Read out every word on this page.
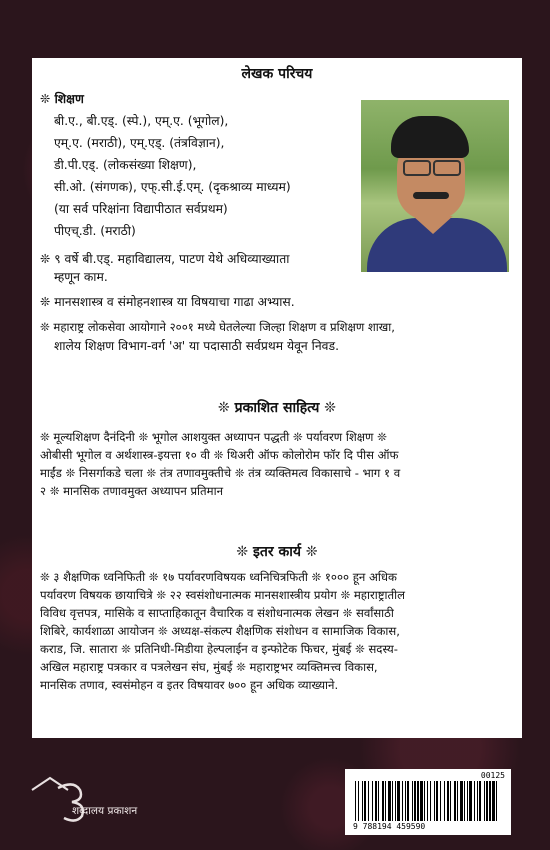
लेखक परिचय
❊ शिक्षण
बी.ए., बी.एड्. (स्पे.), एम्.ए. (भूगोल),
एम्.ए. (मराठी), एम्.एड्. (तंत्रविज्ञान),
डी.पी.एड्. (लोकसंख्या शिक्षण),
सी.ओ. (संगणक), एफ्.सी.ई.एम्. (दृकश्राव्य माध्यम)
(या सर्व परिक्षांना विद्यापीठात सर्वप्रथम)
पीएच्.डी. (मराठी)
❊ ९ वर्षे बी.एड्. महाविद्यालय, पाटण येथे अधिव्याख्याता
म्हणून काम.
❊ मानसशास्त्र व संमोहनशास्त्र या विषयाचा गाढा अभ्यास.
❊ महाराष्ट्र लोकसेवा आयोगाने २००१ मध्ये घेतलेल्या जिल्हा शिक्षण व प्रशिक्षण शाखा,
शालेय शिक्षण विभाग-वर्ग 'अ' या पदासाठी सर्वप्रथम येवून निवड.
❊ प्रकाशित साहित्य ❊
❊ मूल्यशिक्षण दैनंदिनी ❊ भूगोल आशयुक्त अध्यापन पद्धती ❊ पर्यावरण शिक्षण ❊
ओबीसी भूगोल व अर्थशास्त्र-इयत्ता १० वी ❊ थिअरी ऑफ कोलोरोम फॉर दि पीस ऑफ
माईंड ❊ निसर्गाकडे चला ❊ तंत्र तणावमुक्तीचे ❊ तंत्र व्यक्तिमत्व विकासाचे - भाग १ व
२ ❊ मानसिक तणावमुक्त अध्यापन प्रतिमान
❊ इतर कार्य ❊
❊ ३ शैक्षणिक ध्वनिफिती ❊ १७ पर्यावरणविषयक ध्वनिचित्रफिती ❊ १००० हून अधिक
पर्यावरण विषयक छायाचित्रे ❊ २२ स्वसंशोधनात्मक मानसशास्त्रीय प्रयोग ❊ महाराष्ट्रातील
विविध वृत्तपत्र, मासिके व साप्ताहिकातून वैचारिक व संशोधनात्मक लेखन ❊ सर्वांसाठी
शिबिरे, कार्यशाळा आयोजन ❊ अध्यक्ष-संकल्प शैक्षणिक संशोधन व सामाजिक विकास,
कराड, जि. सातारा ❊ प्रतिनिधी-मिडीया हेल्पलाईन व इन्फोटेक फिचर, मुंबई ❊ सदस्य-
अखिल महाराष्ट्र पत्रकार व पत्रलेखन संघ, मुंबई ❊ महाराष्ट्रभर व्यक्तिमत्त्व विकास,
मानसिक तणाव, स्वसंमोहन व इतर विषयावर ७०० हून अधिक व्याख्याने.
शब्दालय प्रकाशन
00125
9 788194 459590
